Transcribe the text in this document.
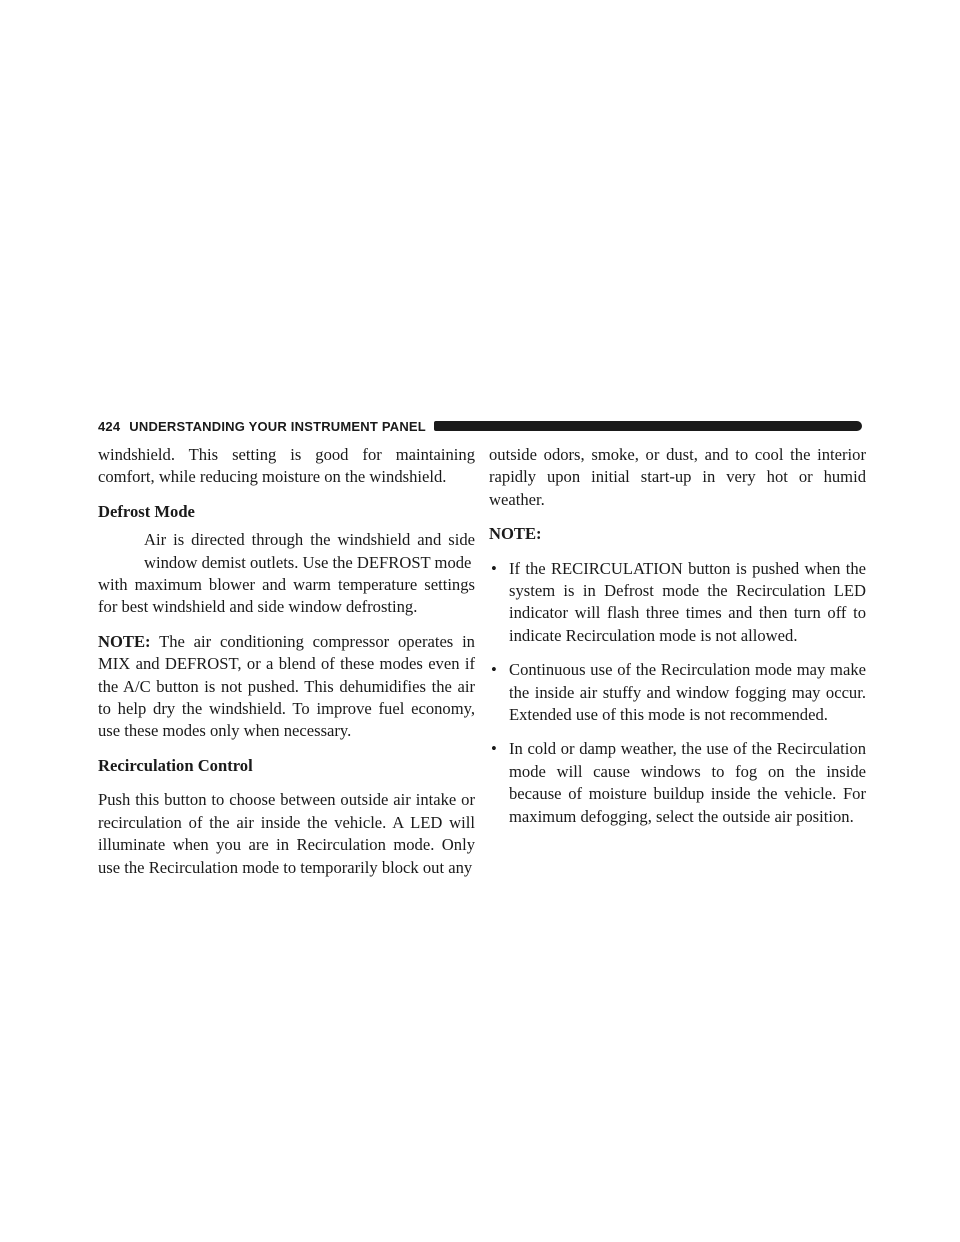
424 UNDERSTANDING YOUR INSTRUMENT PANEL

windshield. This setting is good for maintaining comfort, while reducing moisture on the windshield.

Defrost Mode

Air is directed through the windshield and side window demist outlets. Use the DEFROST mode

with maximum blower and warm temperature settings for best windshield and side window defrosting.

NOTE: The air conditioning compressor operates in MIX and DEFROST, or a blend of these modes even if the A/C button is not pushed. This dehumidifies the air to help dry the windshield. To improve fuel economy, use these modes only when necessary.

Recirculation Control

Push this button to choose between outside air intake or recirculation of the air inside the vehicle. A LED will illuminate when you are in Recirculation mode. Only use the Recirculation mode to temporarily block out any

outside odors, smoke, or dust, and to cool the interior rapidly upon initial start-up in very hot or humid weather.

NOTE:
• If the RECIRCULATION button is pushed when the system is in Defrost mode the Recirculation LED indicator will flash three times and then turn off to indicate Recirculation mode is not allowed.
• Continuous use of the Recirculation mode may make the inside air stuffy and window fogging may occur. Extended use of this mode is not recommended.
• In cold or damp weather, the use of the Recirculation mode will cause windows to fog on the inside because of moisture buildup inside the vehicle. For maximum defogging, select the outside air position.
